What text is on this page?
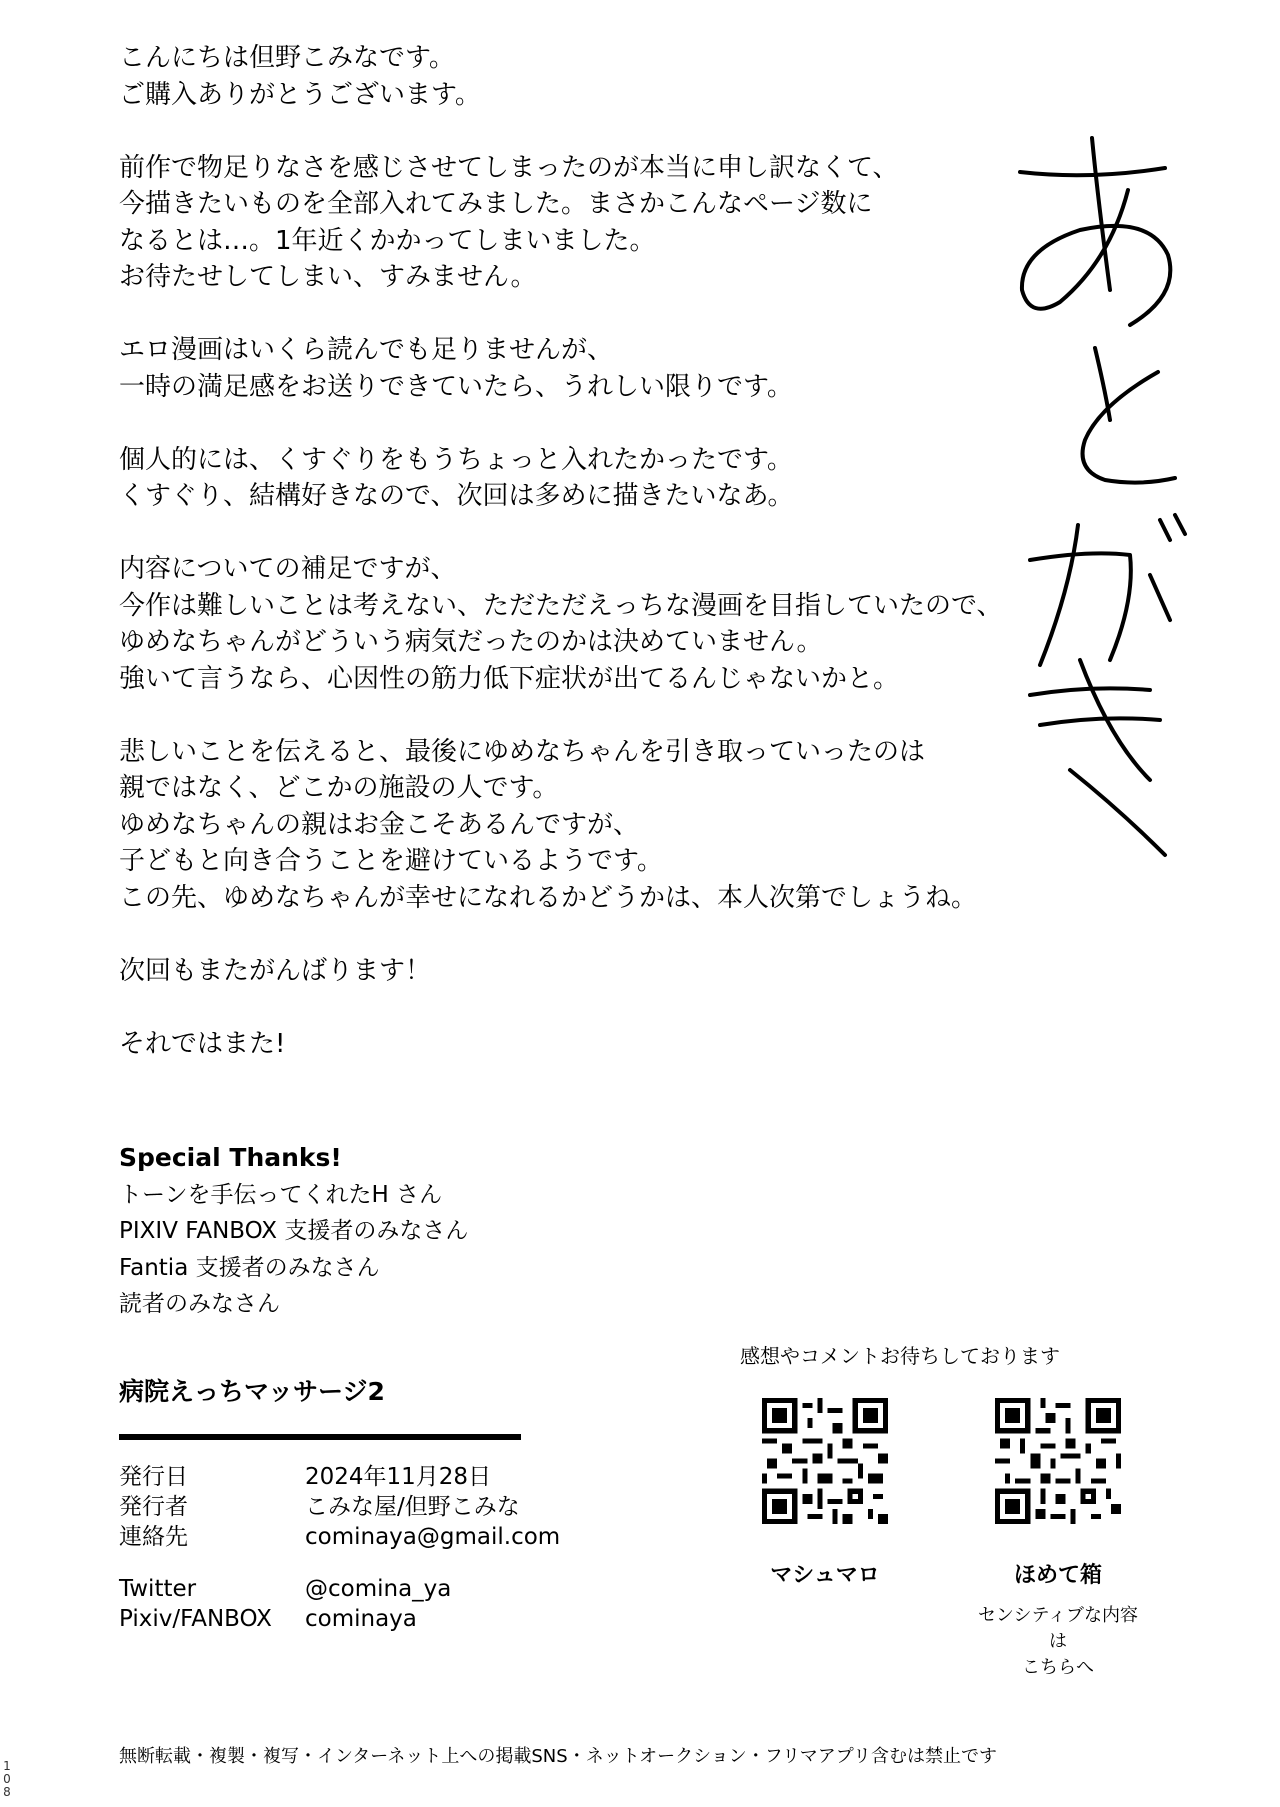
こんにちは但野こみなです。
ご購入ありがとうございます。
前作で物足りなさを感じさせてしまったのが本当に申し訳なくて、
今描きたいものを全部入れてみました。まさかこんなページ数に
なるとは…。1年近くかかってしまいました。
お待たせしてしまい、すみません。
エロ漫画はいくら読んでも足りませんが、
一時の満足感をお送りできていたら、うれしい限りです。
個人的には、くすぐりをもうちょっと入れたかったです。
くすぐり、結構好きなので、次回は多めに描きたいなあ。
内容についての補足ですが、
今作は難しいことは考えない、ただただえっちな漫画を目指していたので、
ゆめなちゃんがどういう病気だったのかは決めていません。
強いて言うなら、心因性の筋力低下症状が出てるんじゃないかと。
悲しいことを伝えると、最後にゆめなちゃんを引き取っていったのは
親ではなく、どこかの施設の人です。
ゆめなちゃんの親はお金こそあるんですが、
子どもと向き合うことを避けているようです。
この先、ゆめなちゃんが幸せになれるかどうかは、本人次第でしょうね。
次回もまたがんばります！
それではまた!
Special Thanks!
トーンを手伝ってくれたH さん
PIXIV FANBOX 支援者のみなさん
Fantia 支援者のみなさん
読者のみなさん
病院えっちマッサージ2
発行日	2024年11月28日
発行者	こみな屋/但野こみな
連絡先	cominaya@gmail.com
Twitter	@comina_ya
Pixiv/FANBOX	cominaya
感想やコメントお待ちしております
マシュマロ	ほめて箱
センシティブな内容は
こちらへ
無断転載・複製・複写・インターネット上への掲載SNS・ネットオークション・フリマアプリ含むは禁止です
1
0
8
